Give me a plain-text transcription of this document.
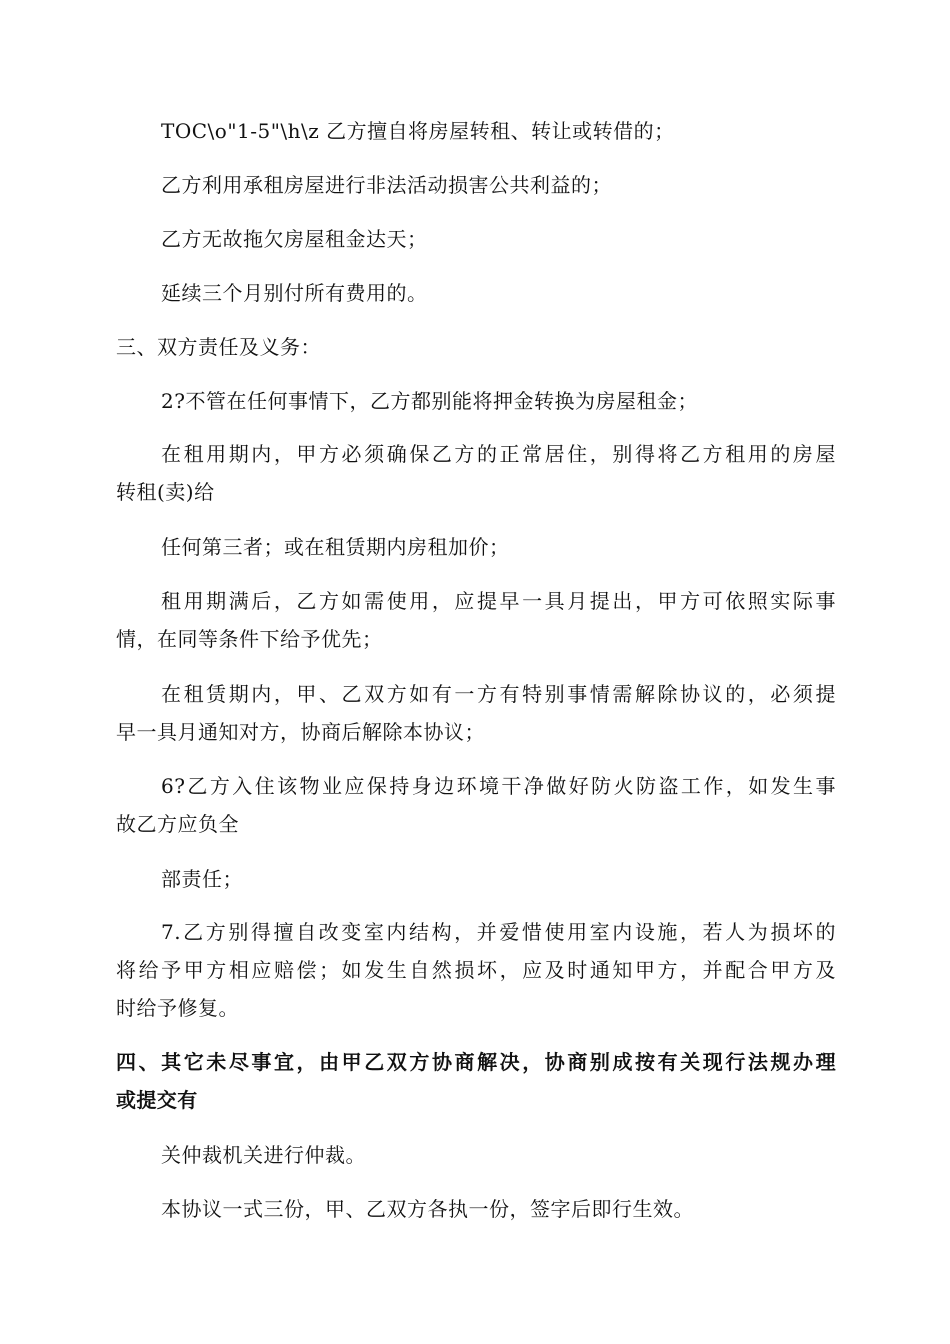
TOC\o"1-5"\h\z 乙方擅自将房屋转租、转让或转借的；
乙方利用承租房屋进行非法活动损害公共利益的；
乙方无故拖欠房屋租金达天；
延续三个月别付所有费用的。
三、双方责任及义务：
2?不管在任何事情下，乙方都别能将押金转换为房屋租金；
在租用期内，甲方必须确保乙方的正常居住，别得将乙方租用的房屋
转租(卖)给
任何第三者；或在租赁期内房租加价；
租用期满后，乙方如需使用，应提早一具月提出，甲方可依照实际事
情，在同等条件下给予优先；
在租赁期内，甲、乙双方如有一方有特别事情需解除协议的，必须提
早一具月通知对方，协商后解除本协议；
6?乙方入住该物业应保持身边环境干净做好防火防盗工作，如发生事
故乙方应负全
部责任；
7.乙方别得擅自改变室内结构，并爱惜使用室内设施，若人为损坏的
将给予甲方相应赔偿；如发生自然损坏，应及时通知甲方，并配合甲方及
时给予修复。
四、其它未尽事宜，由甲乙双方协商解决，协商别成按有关现行法规办理
或提交有
关仲裁机关进行仲裁。
本协议一式三份，甲、乙双方各执一份，签字后即行生效。
